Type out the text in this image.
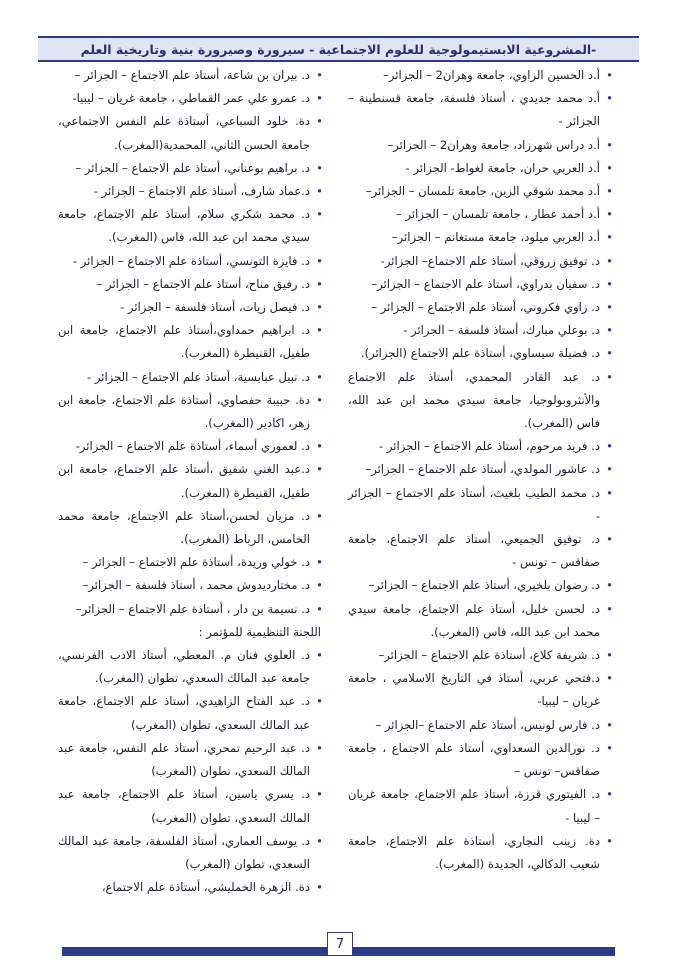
-المشروعية الابستيمولوجية للعلوم الاجتماعية - سيرورة وصيرورة بنية وتاريخية العلم
• أ.د الحسين الزاوي، جامعة وهران2 – الجزائر–
• أ.د محمد جديدي ، أستاذ فلسفة، جامعة قسنطينة – الجزائر -
• أ.د دراس شهرزاد، جامعة وهران2 – الجزائر–
• أ.د العربي حران، جامعة لغواط- الجزائر -
• أ.د محمد شوقي الزين، جامعة تلمسان – الجزائر–
• أ.د أحمد عطار ، جامعة تلمسان – الجزائر –
• أ.د العربي ميلود، جامعة مستغانم – الجزائر–
• د. توفيق زروقي، أستاذ علم الاجتماع– الجزائر-
• د. سفيان بدراوي، أستاذ علم الاجتماع – الجزائر–
• د. زاوي فكروني، أستاذ علم الاجتماع – الجزائر –
• د. بوعلي مبارك، أستاذ فلسفة – الجزائر -
• د. فضيلة سيساوي، أستاذة علم الاجتماع (الجزائر).
• د. عبد القادر المحمدي، أستاذ علم الاجتماع والأنثروبولوجيا، جامعة سيدي محمد ابن عبد الله، فاس (المغرب).
• د. فريد مرحوم، أستاذ علم الاجتماع – الجزائر -
• د. عاشور المولدي، أستاذ علم الاجتماع – الجزائر–
• د. محمد الطيب بلغيث، أستاذ علم الاجتماع – الجزائر -
• د. توفيق الجميعي، أستاذ علم الاجتماع، جامعة صفاقس – تونس -
• د. رضوان بلخيري، أستاذ علم الاجتماع – الجزائر–
• د. لحسن خليل، أستاذ علم الاجتماع، جامعة سيدي محمد ابن عبد الله، فاس (المغرب).
• د. شريفة كلاع، أستاذة علم الاجتماع – الجزائر–
• د.فتحي عربي، أستاذ في التاريخ الاسلامي ، جامعة غريان – ليبيا-
• د. فارس لونيس، أستاذ علم الاجتماع –الجزائر –
• د. نورالدين السعداوي، أستاذ علم الاجتماع ، جامعة صفاقس– تونس –
• د. الفيتوري قرزة، أستاذ علم الاجتماع، جامعة غريان – ليبيا -
• دة. زينب النجاري، أستاذة علم الاجتماع، جامعة شعيب الدكالي، الجديدة (المغرب).
• د. بيران بن شاعة، أستاذ علم الاجتماع – الجزائر –
• د. عمرو علي عمر القماطي ، جامعة غريان – ليبيا-
• دة. خلود السباعي، أستاذة علم النفس الاجتماعي، جامعة الحسن الثاني، المحمدية(المغرب).
• د. براهيم بوعناني، أستاذ علم الاجتماع – الجزائر –
• د.عماد شارف، أستاذ علم الاجتماع – الجزائر -
• د. محمد شكري سلام، أستاذ علم الاجتماع، جامعة سيدي محمد ابن عبد الله، فاس (المغرب).
• د. فايزة التونسي، أستاذة علم الاجتماع – الجزائر -
• د. رفيق مناح، أستاذ علم الاجتماع – الجزائر –
• د. فيصل زيات، أستاذ فلسفة – الجزائر -
• د. ابراهيم حمداوي،أستاذ علم الاجتماع، جامعة ابن طفيل، القنيطرة (المغرب).
• د. نبيل عبابسية، أستاذ علم الاجتماع – الجزائر -
• دة. حبيبة حفصاوي، أستاذة علم الاجتماع، جامعة ابن زهر، اكادير (المغرب).
• د. لعموري أسماء، أستاذة علم الاجتماع – الجزائر-
• د.عبد الغني شفيق ،أستاذ علم الاجتماع، جامعة ابن طفيل، القنيطرة (المغرب).
• د. مزيان لحسن،أستاذ علم الاجتماع، جامعة محمد الخامس، الرباط (المغرب).
• د. خولي وريدة، أستاذة علم الاجتماع – الجزائر –
• د. مختارديدوش محمد ، أستاذ فلسفة – الجزائر–
• د. نسيمة بن دار ، أستاذة علم الاجتماع – الجزائر–
اللجنة التنظيمية للمؤتمر :
• د. العلوي فنان م. المعطي، أستاذ الادب الفرنسي، جامعة عبد المالك السعدي، تطوان (المغرب).
• د. عبد الفتاح الزاهيدي، أستاذ علم الاجتماع، جامعة عبد المالك السعدي، تطوان (المغرب)
• د. عبد الرحيم تمحري، أستاذ علم النفس، جامعة عبد المالك السعدي، تطوان (المغرب)
• د. يسري ياسين، أستاذ علم الاجتماع، جامعة عبد المالك السعدي، تطوان (المغرب)
• د. يوسف العماري، أستاذ الفلسفة، جامعة عبد المالك السعدي، تطوان (المغرب)
• دة. الزهرة الخمليشي، أستاذة علم الاجتماع،
7
